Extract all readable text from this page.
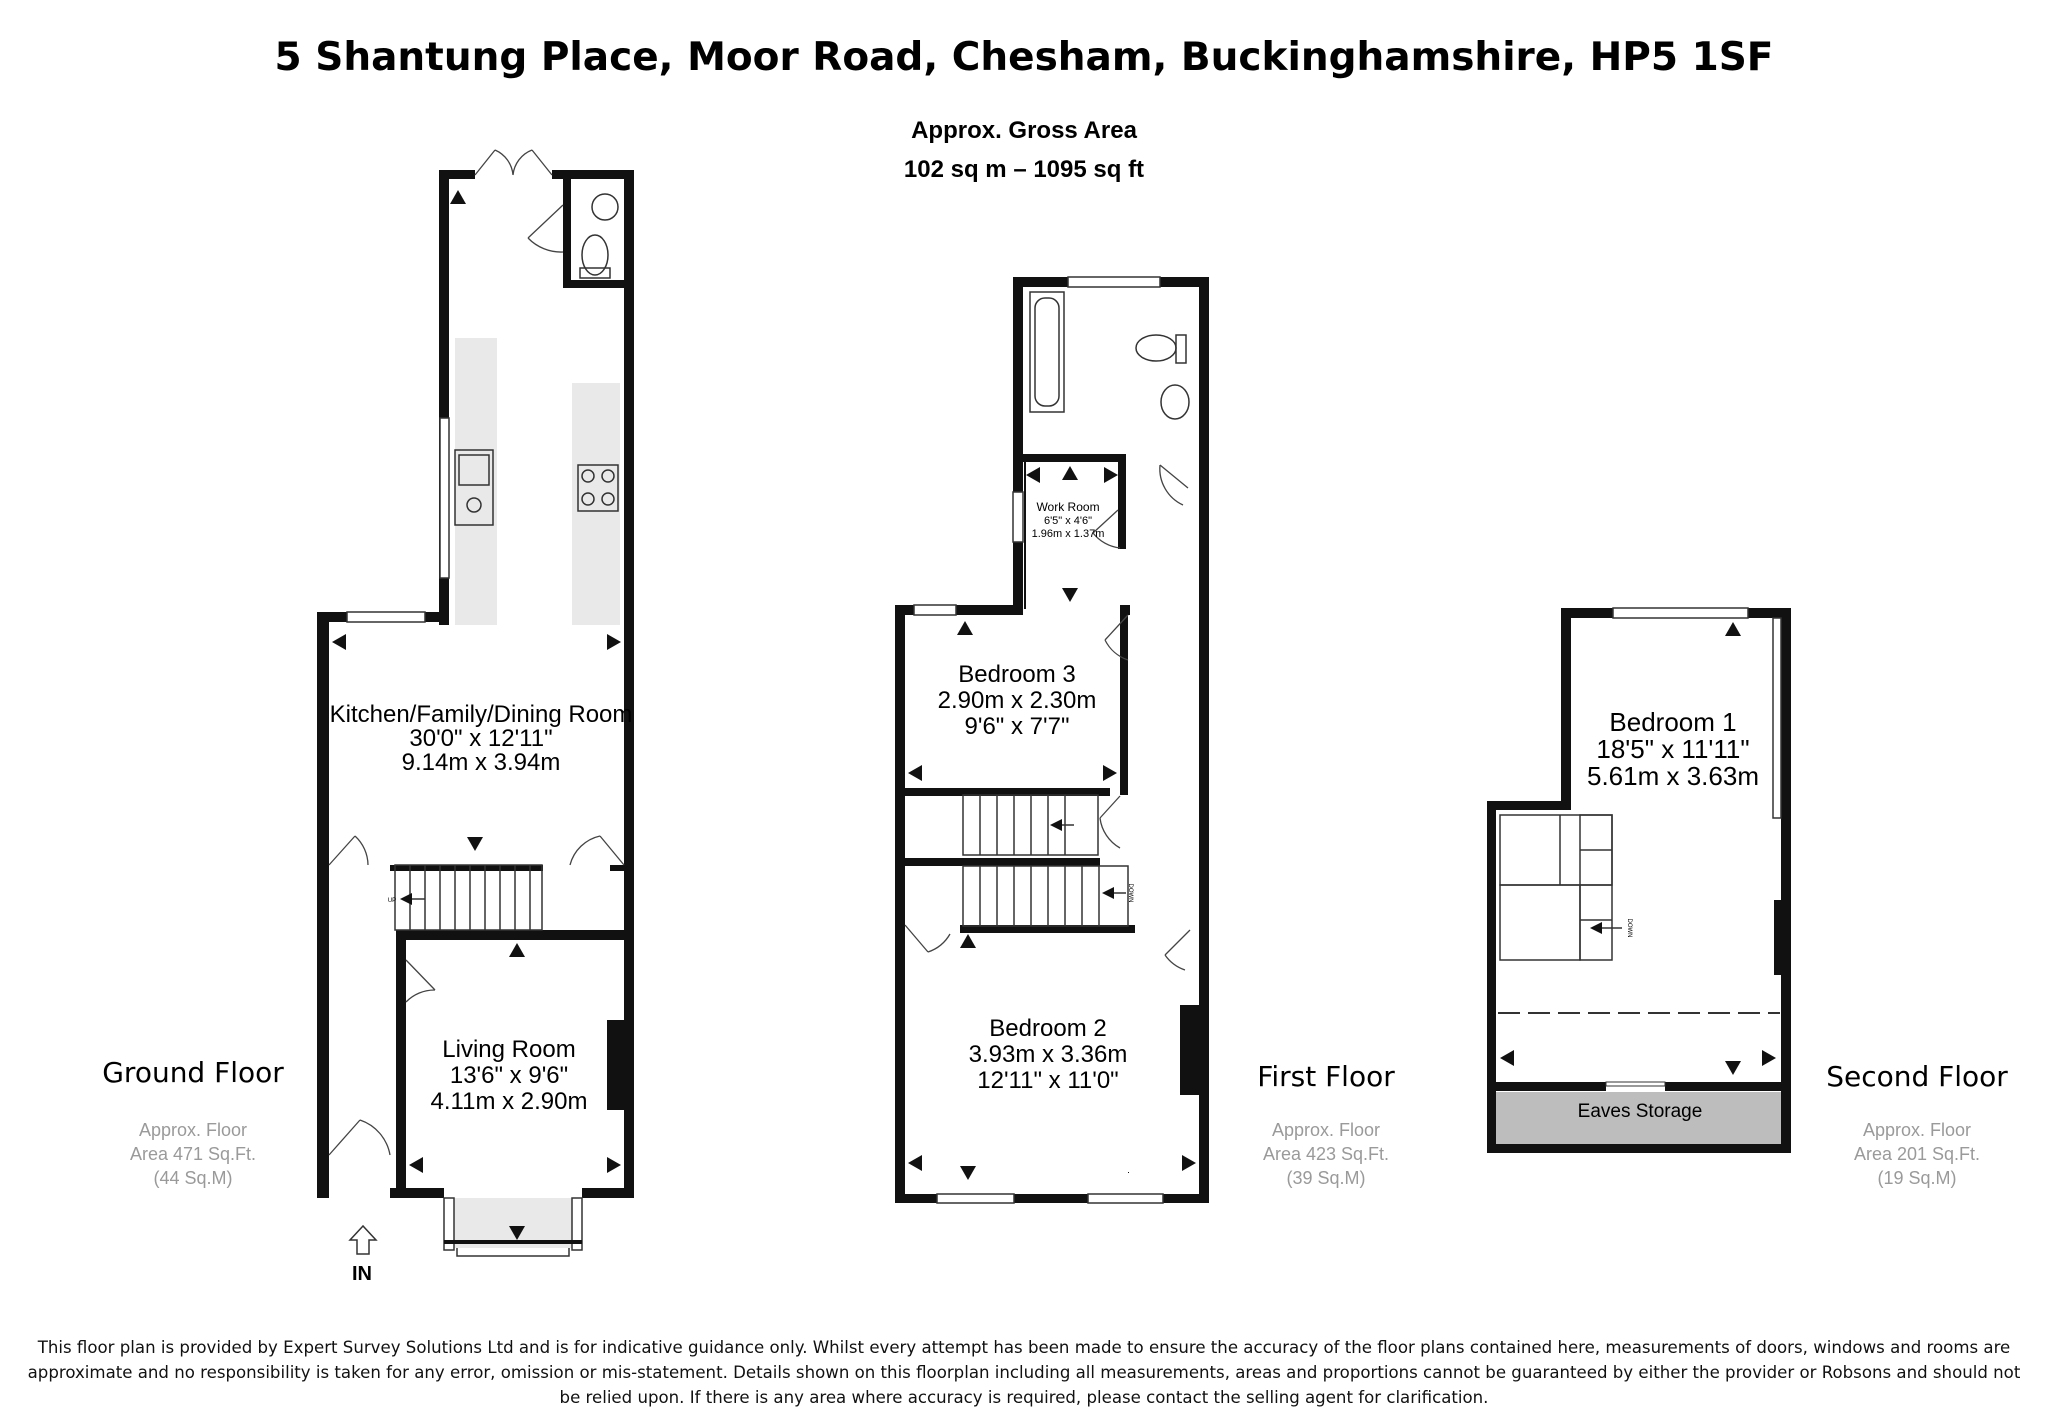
5 Shantung Place, Moor Road, Chesham, Buckinghamshire, HP5 1SF
Approx. Gross Area
102 sq m – 1095 sq ft
UP
IN
Kitchen/Family/Dining Room
30'0" x 12'11"
9.14m x 3.94m
Living Room
13'6" x 9'6"
4.11m x 2.90m
Ground Floor
Approx. Floor
Area 471 Sq.Ft.
(44 Sq.M)
DOWN
Bedroom 3
2.90m x 2.30m
9'6" x 7'7"
Bedroom 2
3.93m x 3.36m
12'11" x 11'0"
Work Room
6'5" x 4'6"
1.96m x 1.37m
First Floor
Approx. Floor
Area 423 Sq.Ft.
(39 Sq.M)
DOWN
Bedroom 1
18'5" x 11'11"
5.61m x 3.63m
Eaves Storage
Second Floor
Approx. Floor
Area 201 Sq.Ft.
(19 Sq.M)
This floor plan is provided by Expert Survey Solutions Ltd and is for indicative guidance only. Whilst every attempt has been made to ensure the accuracy of the floor plans contained here, measurements of doors, windows and rooms are approximate and no responsibility is taken for any error, omission or mis-statement. Details shown on this floorplan including all measurements, areas and proportions cannot be guaranteed by either the provider or Robsons and should not be relied upon. If there is any area where accuracy is required, please contact the selling agent for clarification.
